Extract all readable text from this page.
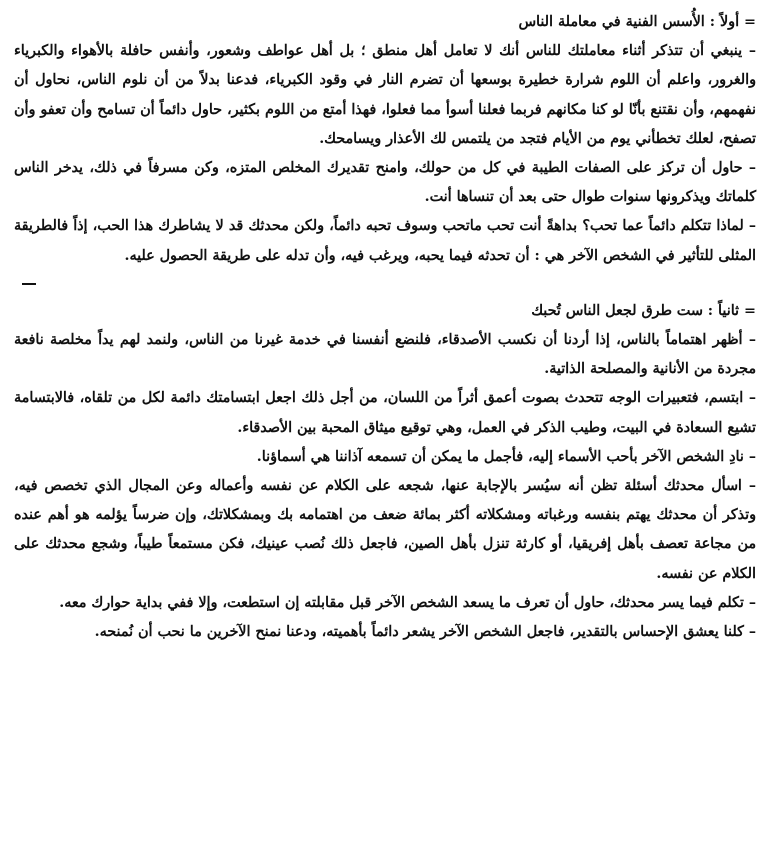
= أولاً : الأُسس الفنية في معاملة الناس

– ينبغي أن تتذكر أثناء معاملتك للناس أنك لا تعامل أهل منطق ؛ بل أهل عواطف وشعور، وأنفس حافلة بالأهواء والكبرياء والغرور، واعلم أن اللوم شرارة خطيرة بوسعها أن تضرم النار في وقود الكبرياء، فدعنا بدلاً من أن نلوم الناس، نحاول أن نفهمهم، وأن نقتنع بأنّا لو كنا مكانهم فربما فعلنا أسوأ مما فعلوا، فهذا أمتع من اللوم بكثير، حاول دائماً أن تسامح وأن تعفو وأن تصفح، لعلك تخطأني يوم من الأيام فتجد من يلتمس لك الأعذار ويسامحك.

– حاول أن تركز على الصفات الطيبة في كل من حولك، وامنح تقديرك المخلص المتزه، وكن مسرفاً في ذلك، يدخر الناس كلماتك ويذكرونها سنوات طوال حتى بعد أن تنساها أنت.

– لماذا تتكلم دائماً عما تحب؟ بداهةً أنت تحب ماتحب وسوف تحبه دائماً، ولكن محدثك قد لا يشاطرك هذا الحب، إذاً فالطريقة المثلى للتأثير في الشخص الآخر هي : أن تحدثه فيما يحبه، ويرغب فيه، وأن تدله على طريقة الحصول عليه.

= ثانياً : ست طرق لجعل الناس تُحبك

– أظهر اهتماماً بالناس، إذا أردنا أن نكسب الأصدقاء، فلنضع أنفسنا في خدمة غيرنا من الناس، ولنمد لهم يداً مخلصة نافعة مجردة من الأنانية والمصلحة الذاتية.

– ابتسم، فتعبيرات الوجه تتحدث بصوت أعمق أثراً من اللسان، من أجل ذلك اجعل ابتسامتك دائمة لكل من تلقاه، فالابتسامة تشيع السعادة في البيت، وطيب الذكر في العمل، وهي توقيع ميثاق المحبة بين الأصدقاء.

– نادِ الشخص الآخر بأحب الأسماء إليه، فأجمل ما يمكن أن تسمعه آذاننا هي أسماؤنا.

– اسأل محدثك أسئلة تظن أنه سيُسر بالإجابة عنها، شجعه على الكلام عن نفسه وأعماله وعن المجال الذي تخصص فيه، وتذكر أن محدثك يهتم بنفسه ورغباته ومشكلاته أكثر بمائة ضعف من اهتمامه بك وبمشكلاتك، وإن ضرساً يؤلمه هو أهم عنده من مجاعة تعصف بأهل إفريقيا، أو كارثة تنزل بأهل الصين، فاجعل ذلك نُصب عينيك، فكن مستمعاً طيباً، وشجع محدثك على الكلام عن نفسه.

– تكلم فيما يسر محدثك، حاول أن تعرف ما يسعد الشخص الآخر قبل مقابلته إن استطعت، وإلا ففي بداية حوارك معه.

– كلنا يعشق الإحساس بالتقدير، فاجعل الشخص الآخر يشعر دائماً بأهميته، ودعنا نمنح الآخرين ما نحب أن نُمنحه.
